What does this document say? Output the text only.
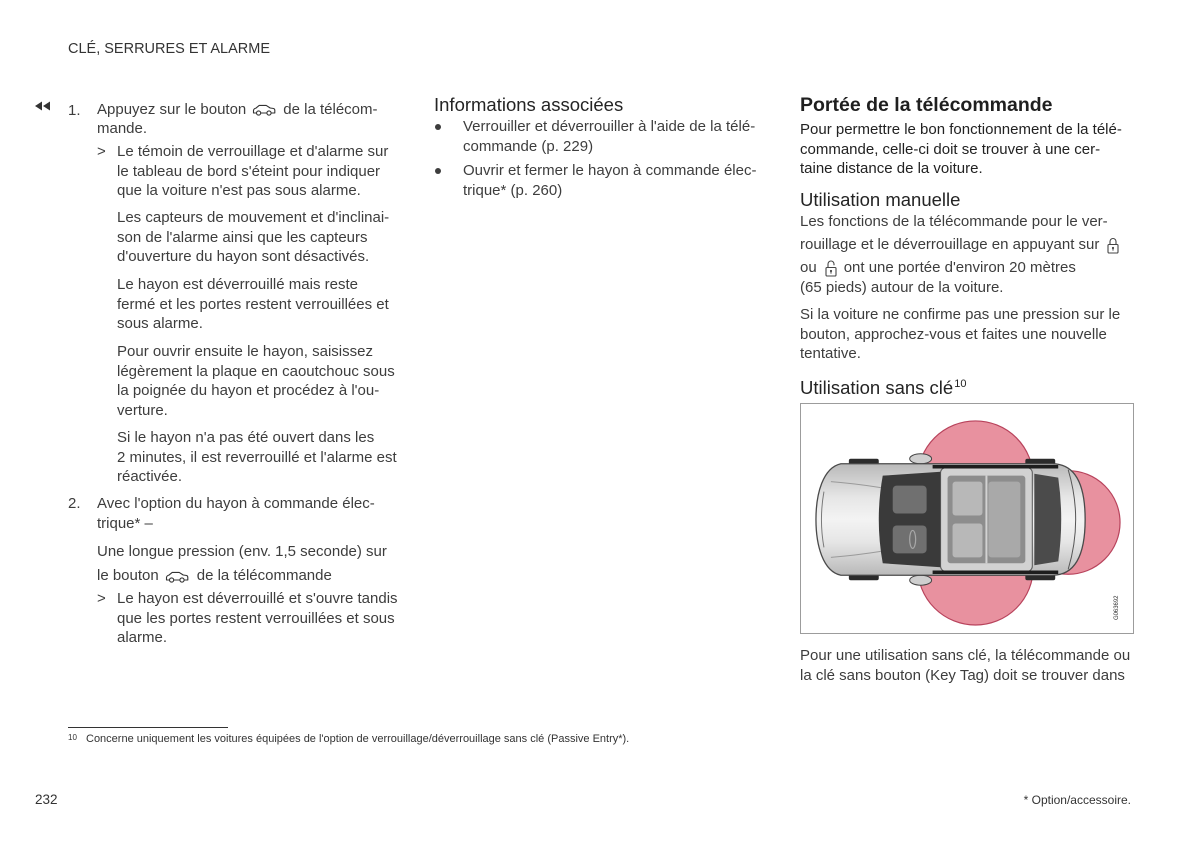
CLÉ, SERRURES ET ALARME
1. Appuyez sur le bouton de la télécom-
mande.
> Le témoin de verrouillage et d'alarme sur
le tableau de bord s'éteint pour indiquer
que la voiture n'est pas sous alarme.
Les capteurs de mouvement et d'inclinai-
son de l'alarme ainsi que les capteurs
d'ouverture du hayon sont désactivés.
Le hayon est déverrouillé mais reste
fermé et les portes restent verrouillées et
sous alarme.
Pour ouvrir ensuite le hayon, saisissez
légèrement la plaque en caoutchouc sous
la poignée du hayon et procédez à l'ou-
verture.
Si le hayon n'a pas été ouvert dans les
2 minutes, il est reverrouillé et l'alarme est
réactivée.
2. Avec l'option du hayon à commande élec-
trique* –
Une longue pression (env. 1,5 seconde) sur
le bouton	de la télécommande
> Le hayon est déverrouillé et s'ouvre tandis
que les portes restent verrouillées et sous
alarme.
Informations associées
Verrouiller et déverrouiller à l'aide de la télé-
commande (p. 229)
Ouvrir et fermer le hayon à commande élec-
trique* (p. 260)
Portée de la télécommande
Pour permettre le bon fonctionnement de la télé-
commande, celle-ci doit se trouver à une cer-
taine distance de la voiture.
Utilisation manuelle
Les fonctions de la télécommande pour le ver-
rouillage et le déverrouillage en appuyant sur
ou ont une portée d'environ 20 mètres
(65 pieds) autour de la voiture.
Si la voiture ne confirme pas une pression sur le
bouton, approchez-vous et faites une nouvelle
tentative.
Utilisation sans clé$^{10}$
G063692
Pour une utilisation sans clé, la télécommande ou
la clé sans bouton (Key Tag) doit se trouver dans
10 Concerne uniquement les voitures équipées de l'option de verrouillage/déverrouillage sans clé (Passive Entry*).
232	* Option/accessoire.
